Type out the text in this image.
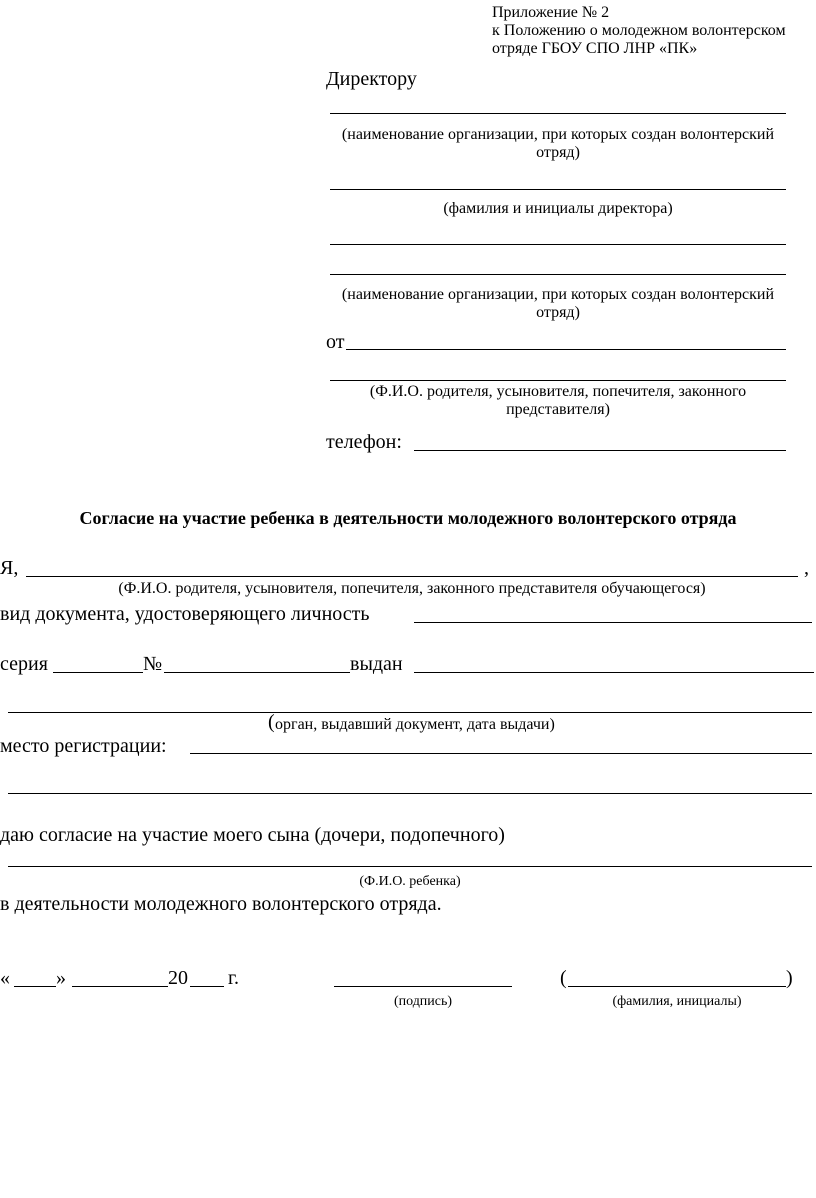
Приложение № 2
к Положению о молодежном волонтерском
отряде ГБОУ СПО ЛНР «ПК»
Директору
(наименование организации, при которых создан волонтерский отряд)
(фамилия и инициалы директора)
(наименование организации, при которых создан волонтерский отряд)
от
(Ф.И.О. родителя, усыновителя, попечителя, законного представителя)
телефон:
Согласие на участие ребенка в деятельности молодежного волонтерского отряда
Я,	,
(Ф.И.О. родителя, усыновителя, попечителя, законного представителя обучающегося)
вид документа, удостоверяющего личность
серия	№	выдан
( орган, выдавший документ, дата выдачи)
место регистрации:
даю согласие на участие моего сына (дочери, подопечного)
(Ф.И.О. ребенка)
в деятельности молодежного волонтерского отряда.
« »	20 г.
(подпись)
(	)
(фамилия, инициалы)
